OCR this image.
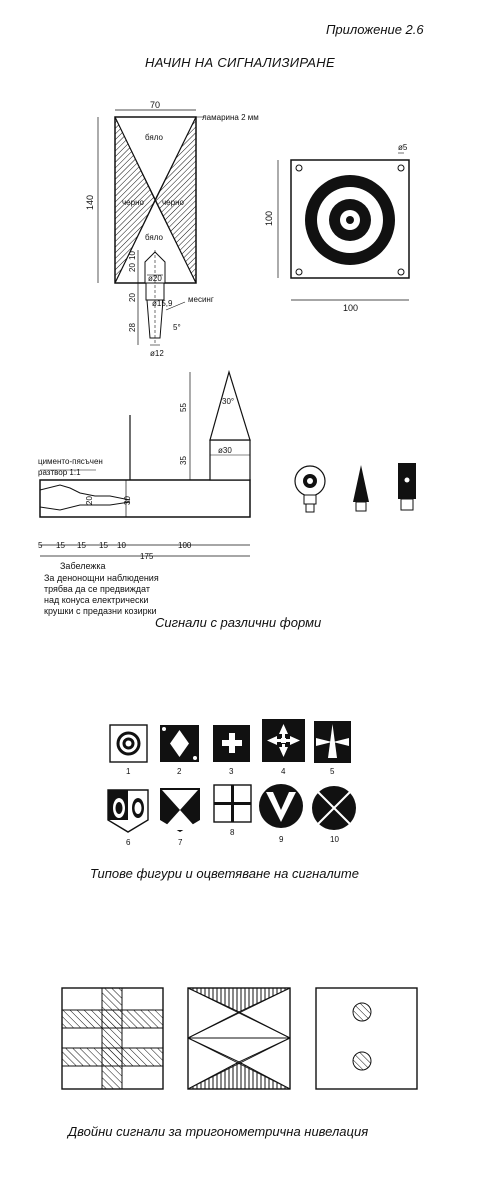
Приложение 2.6
НАЧИН НА СИГНАЛИЗИРАНЕ
70
ламарина 2 мм
140
бяло
черно черно
бяло
20
10
ø20
20
ø15,9 месинг
28	5°
ø12
ø5
100
100
55
30°
35
ø30
цименто-пясъчен
разтвор 1:1
20	30
5 15 15 15 10	100
175
Забележка
За денонощни наблюдения
трябва да се предвиждат
над конуса електрически
крушки с предазни козирки
1	2	3	4	5
6	7
8
9	10
Сигнали с различни форми
Типове фигури и оцветяване на сигналите
Двойни сигнали за тригонометрична нивелация
